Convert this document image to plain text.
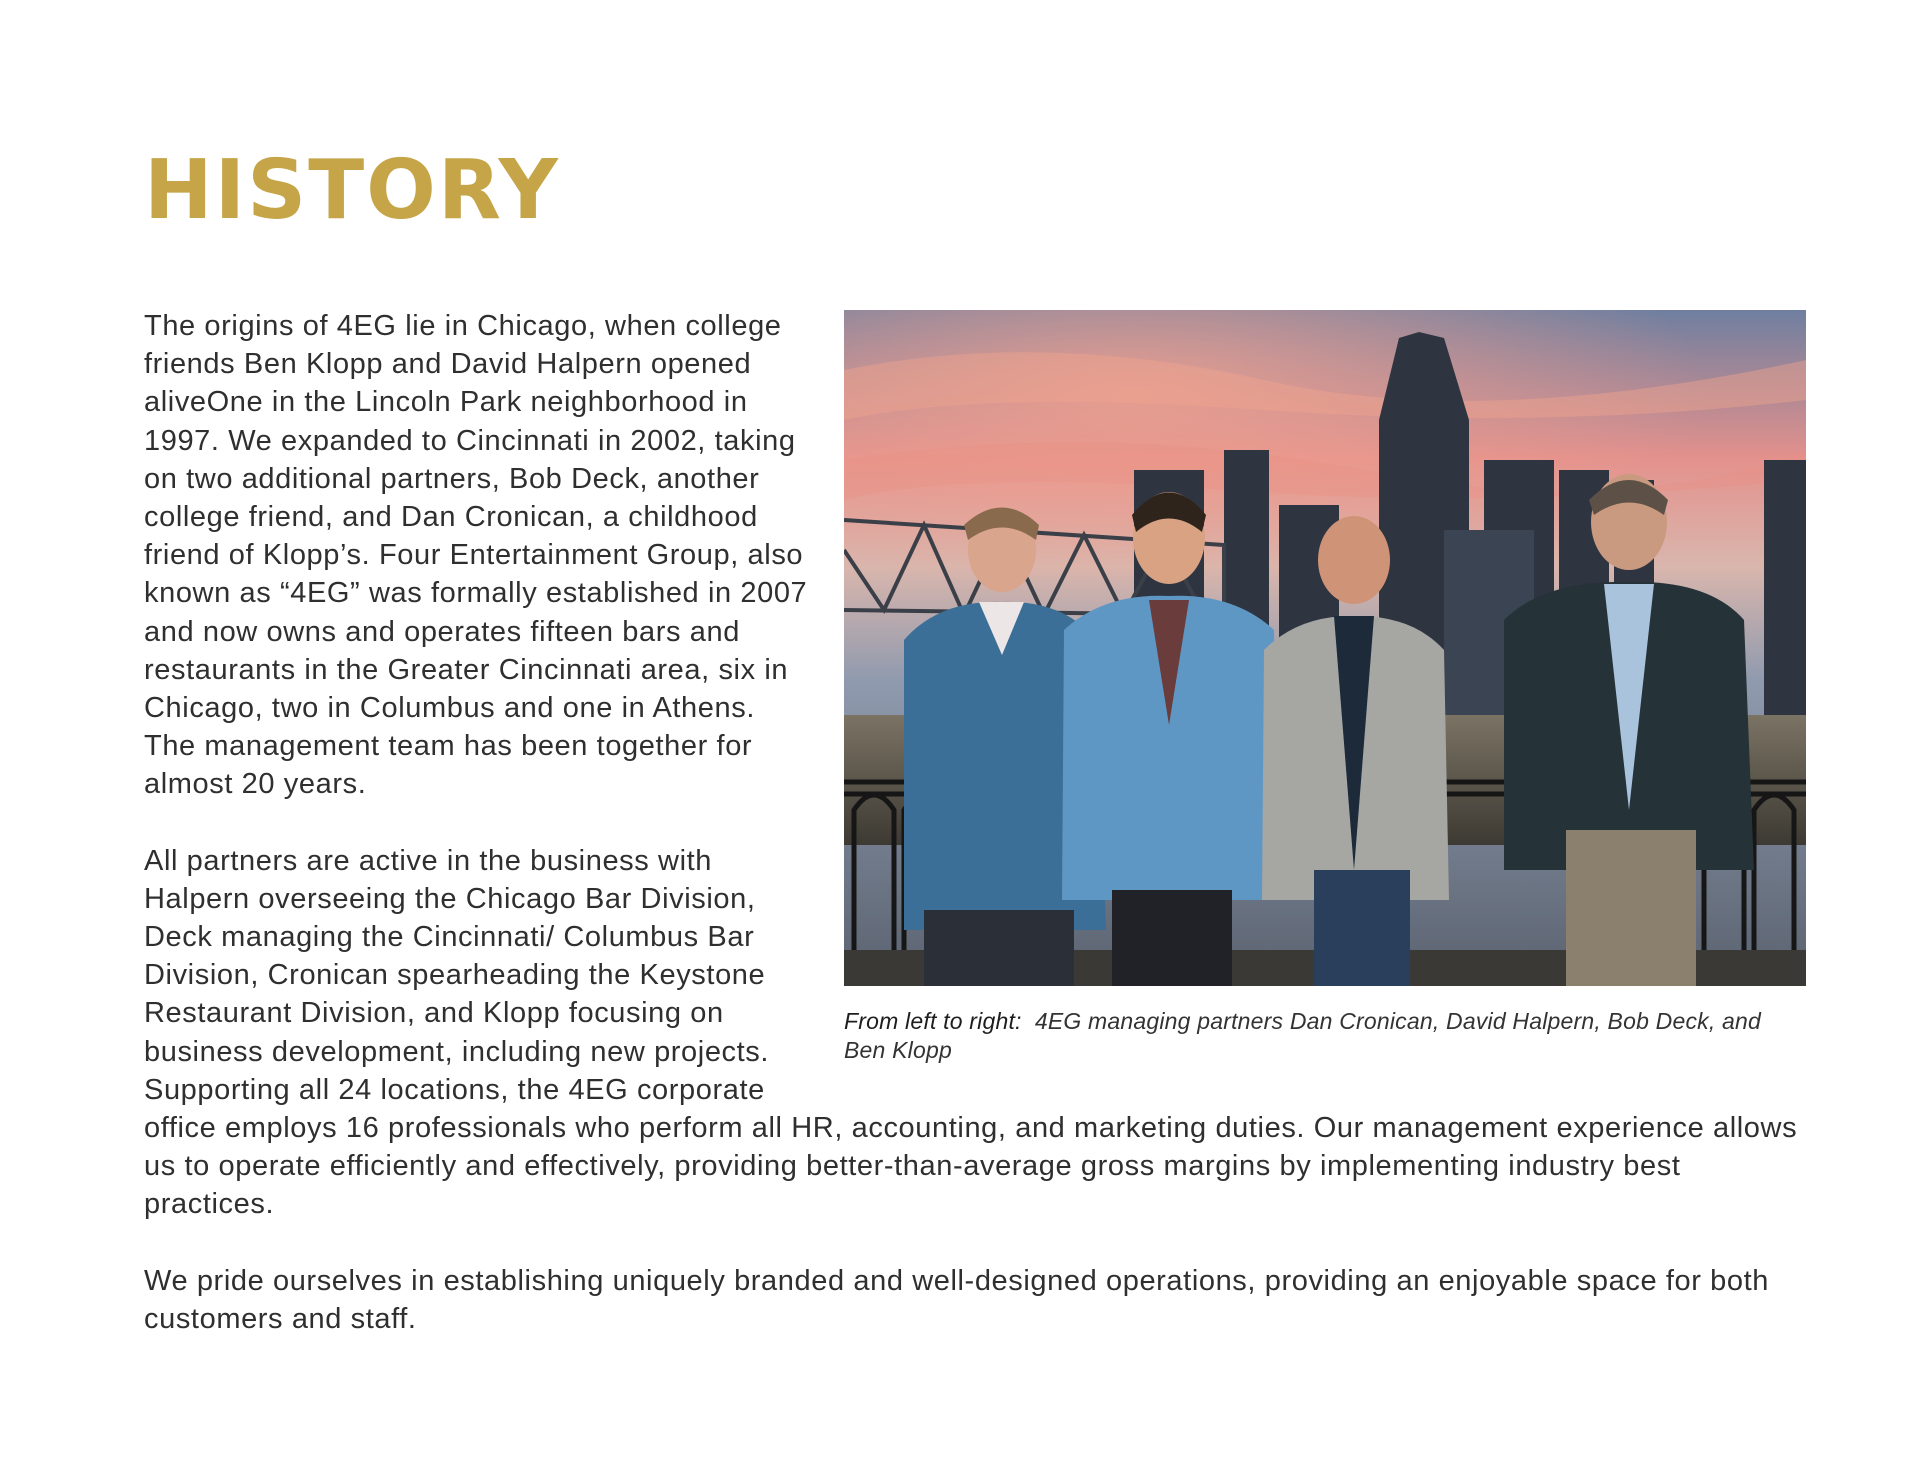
HISTORY
From left to right: 4EG managing partners Dan Cronican, David Halpern, Bob Deck, and Ben Klopp

The origins of 4EG lie in Chicago, when college friends Ben Klopp and David Halpern opened aliveOne in the Lincoln Park neighborhood in 1997. We expanded to Cincinnati in 2002, taking on two additional partners, Bob Deck, another college friend, and Dan Cronican, a childhood friend of Klopp’s. Four Entertainment Group, also known as “4EG” was formally established in 2007 and now owns and operates fifteen bars and restaurants in the Greater Cincinnati area, six in Chicago, two in Columbus and one in Athens. The management team has been together for almost 20 years.

All partners are active in the business with Halpern overseeing the Chicago Bar Division, Deck managing the Cincinnati/ Columbus Bar Division, Cronican spearheading the Keystone Restaurant Division, and Klopp focusing on business development, including new projects. Supporting all 24 locations, the 4EG corporate office employs 16 professionals who perform all HR, accounting, and marketing duties. Our management experience allows us to operate efficiently and effectively, providing better-than-average gross margins by implementing industry best practices.

We pride ourselves in establishing uniquely branded and well-designed operations, providing an enjoyable space for both customers and staff.
